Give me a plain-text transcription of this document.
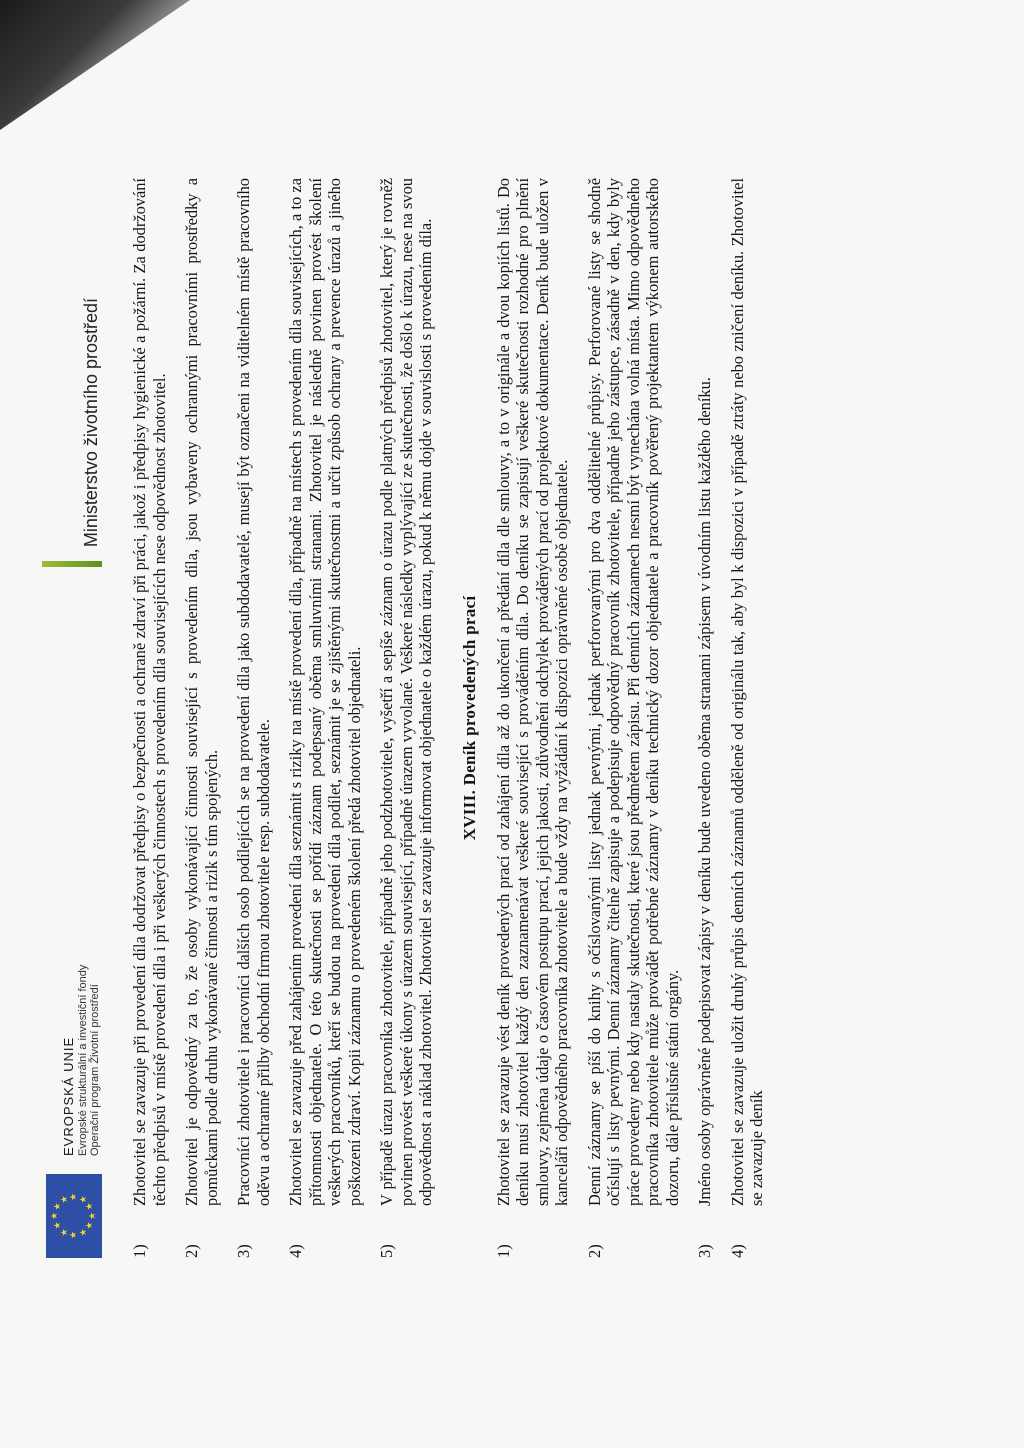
★
★
★ ★ ★
★
★
★
★
★
★
★
EVROPSKÁ UNIE Evropské strukturální a investiční fondy Operační program Životní prostředí
Ministerstvo životního prostředí
1)
Zhotovitel se zavazuje při provedení díla dodržovat předpisy o bezpečnosti a ochraně zdraví při práci, jakož i předpisy hygienické a požární. Za dodržování těchto předpisů v místě provedení díla i při veškerých činnostech s provedením díla souvisejících nese odpovědnost zhotovitel.
2)
Zhotovitel je odpovědný za to, že osoby vykonávající činnosti související s provedením díla, jsou vybaveny ochrannými pracovními prostředky a pomůckami podle druhu vykonávané činnosti a rizik s tím spojených.
3)
Pracovníci zhotovitele i pracovníci dalších osob podílejících se na provedení díla jako subdodavatelé, musejí být označeni na viditelném místě pracovního oděvu a ochranné přilby obchodní firmou zhotovitele resp. subdodavatele.
4)
Zhotovitel se zavazuje před zahájením provedení díla seznámit s riziky na místě provedení díla, případně na místech s provedením díla souvisejících, a to za přítomnosti objednatele. O této skutečnosti se pořídí záznam podepsaný oběma smluvními stranami. Zhotovitel je následně povinen provést školení veškerých pracovníků, kteří se budou na provedení díla podílet, seznámit je se zjištěnými skutečnostmi a určit způsob ochrany a prevence úrazů a jiného poškození zdraví. Kopii záznamu o provedeném školení předá zhotovitel objednateli.
5)
V případě úrazu pracovníka zhotovitele, případně jeho podzhotovitele, vyšetří a sepíše záznam o úrazu podle platných předpisů zhotovitel, který je rovněž povinen provést veškeré úkony s úrazem související, případně úrazem vyvolané. Veškeré následky vyplývající ze skutečnosti, že došlo k úrazu, nese na svou odpovědnost a náklad zhotovitel. Zhotovitel se zavazuje informovat objednatele o každém úrazu, pokud k němu dojde v souvislosti s provedením díla. XVIII. Deník provedených prací
1)
Zhotovitel se zavazuje vést deník provedených prací od zahájení díla až do ukončení a předání díla dle smlouvy, a to v originále a dvou kopiích listů. Do deníku musí zhotovitel každý den zaznamenávat veškeré související s prováděním díla. Do deníku se zapisují veškeré skutečnosti rozhodné pro plnění smlouvy, zejména údaje o časovém postupu prací, jejich jakosti, zdůvodnění odchylek prováděných prací od projektové dokumentace. Deník bude uložen v kanceláři odpovědného pracovníka zhotovitele a bude vždy na vyžádání k dispozici oprávněné osobě objednatele.
2)
Denní záznamy se píší do knihy s očíslovanými listy jednak pevnými, jednak perforovanými pro dva oddělitelné průpisy. Perforované listy se shodně očíslují s listy pevnými. Denní záznamy čitelně zapisuje a podepisuje odpovědný pracovník zhotovitele, případně jeho zástupce, zásadně v den, kdy byly práce provedeny nebo kdy nastaly skutečnosti, které jsou předmětem zápisu. Při denních záznamech nesmí být vynechána volná místa. Mimo odpovědného pracovníka zhotovitele může provádět potřebné záznamy v deníku technický dozor objednatele a pracovník pověřený projektantem výkonem autorského dozoru, dále příslušné státní orgány.
3)
Jméno osoby oprávněné podepisovat zápisy v deníku bude uvedeno oběma stranami zápisem v úvodním listu každého deníku.
4)
Zhotovitel se zavazuje uložit druhý průpis denních záznamů odděleně od originálu tak, aby byl k dispozici v případě ztráty nebo zničení deníku. Zhotovitel se zavazuje deník
